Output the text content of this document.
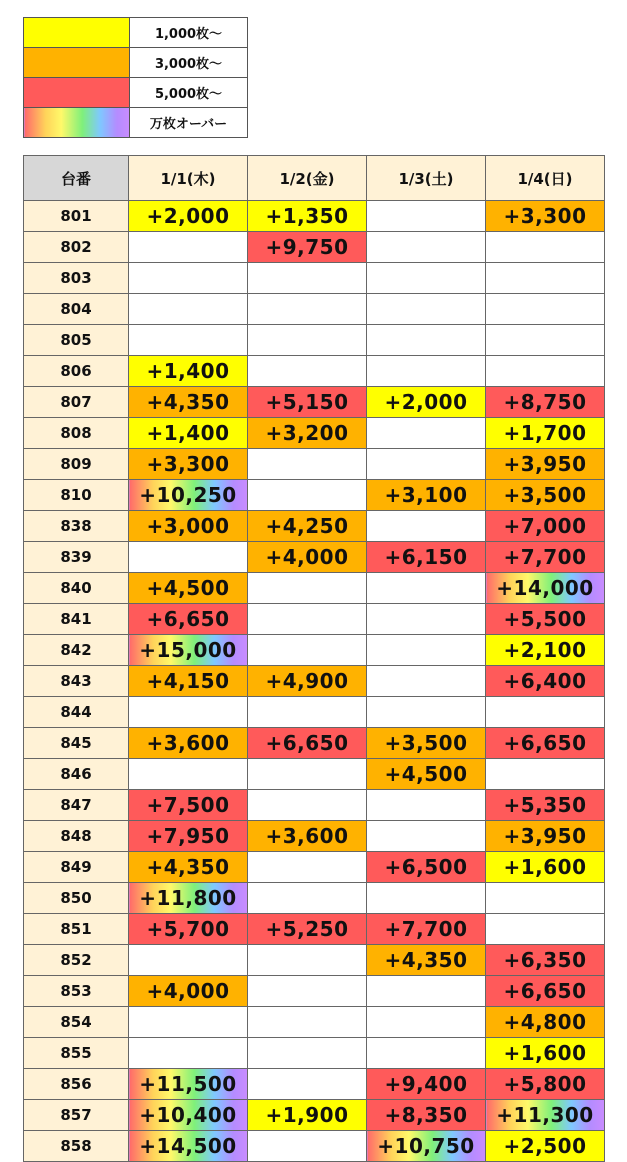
	1,000枚〜
	3,000枚〜
	5,000枚〜
	万枚オーバー
台番	1/1(木)	1/2(金)	1/3(土)	1/4(日)
801	+2,000	+1,350		+3,300
802		+9,750		
803				
804				
805				
806	+1,400			
807	+4,350	+5,150	+2,000	+8,750
808	+1,400	+3,200		+1,700
809	+3,300			+3,950
810	+10,250		+3,100	+3,500
838	+3,000	+4,250		+7,000
839		+4,000	+6,150	+7,700
840	+4,500			+14,000
841	+6,650			+5,500
842	+15,000			+2,100
843	+4,150	+4,900		+6,400
844				
845	+3,600	+6,650	+3,500	+6,650
846			+4,500	
847	+7,500			+5,350
848	+7,950	+3,600		+3,950
849	+4,350		+6,500	+1,600
850	+11,800			
851	+5,700	+5,250	+7,700	
852			+4,350	+6,350
853	+4,000			+6,650
854				+4,800
855				+1,600
856	+11,500		+9,400	+5,800
857	+10,400	+1,900	+8,350	+11,300
858	+14,500		+10,750	+2,500
